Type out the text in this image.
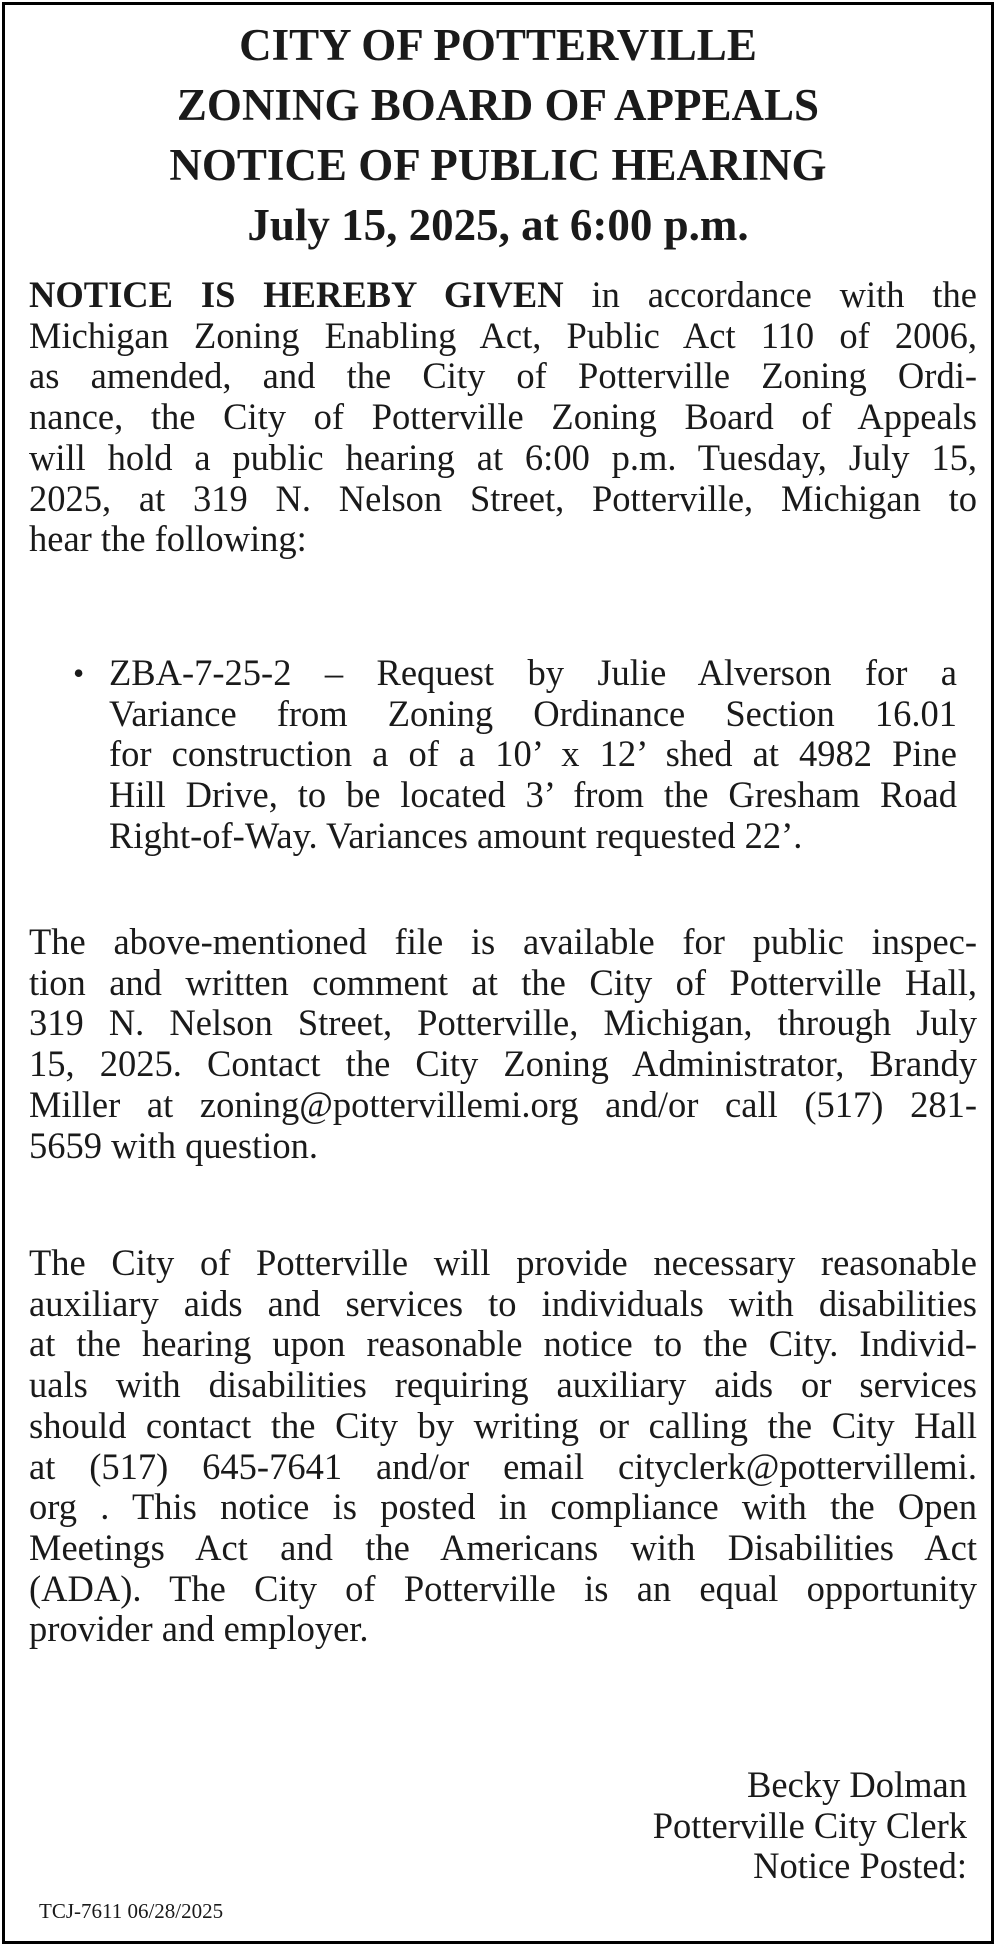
CITY OF POTTERVILLE
ZONING BOARD OF APPEALS
NOTICE OF PUBLIC HEARING
July 15, 2025, at 6:00 p.m.
NOTICE IS HEREBY GIVEN in accordance with the
Michigan Zoning Enabling Act, Public Act 110 of 2006,
as amended, and the City of Potterville Zoning Ordi-
nance, the City of Potterville Zoning Board of Appeals
will hold a public hearing at 6:00 p.m. Tuesday, July 15,
2025, at 319 N. Nelson Street, Potterville, Michigan to
hear the following:
• ZBA-7-25-2 – Request by Julie Alverson for a
Variance from Zoning Ordinance Section 16.01
for construction a of a 10’ x 12’ shed at 4982 Pine
Hill Drive, to be located 3’ from the Gresham Road
Right-of-Way. Variances amount requested 22’.
The above-mentioned file is available for public inspec-
tion and written comment at the City of Potterville Hall,
319 N. Nelson Street, Potterville, Michigan, through July
15, 2025. Contact the City Zoning Administrator, Brandy
Miller at zoning@pottervillemi.org and/or call (517) 281-
5659 with question.
The City of Potterville will provide necessary reasonable
auxiliary aids and services to individuals with disabilities
at the hearing upon reasonable notice to the City. Individ-
uals with disabilities requiring auxiliary aids or services
should contact the City by writing or calling the City Hall
at (517) 645-7641 and/or email cityclerk@pottervillemi.
org . This notice is posted in compliance with the Open
Meetings Act and the Americans with Disabilities Act
(ADA). The City of Potterville is an equal opportunity
provider and employer.
Becky Dolman
Potterville City Clerk
Notice Posted:
TCJ-7611 06/28/2025
